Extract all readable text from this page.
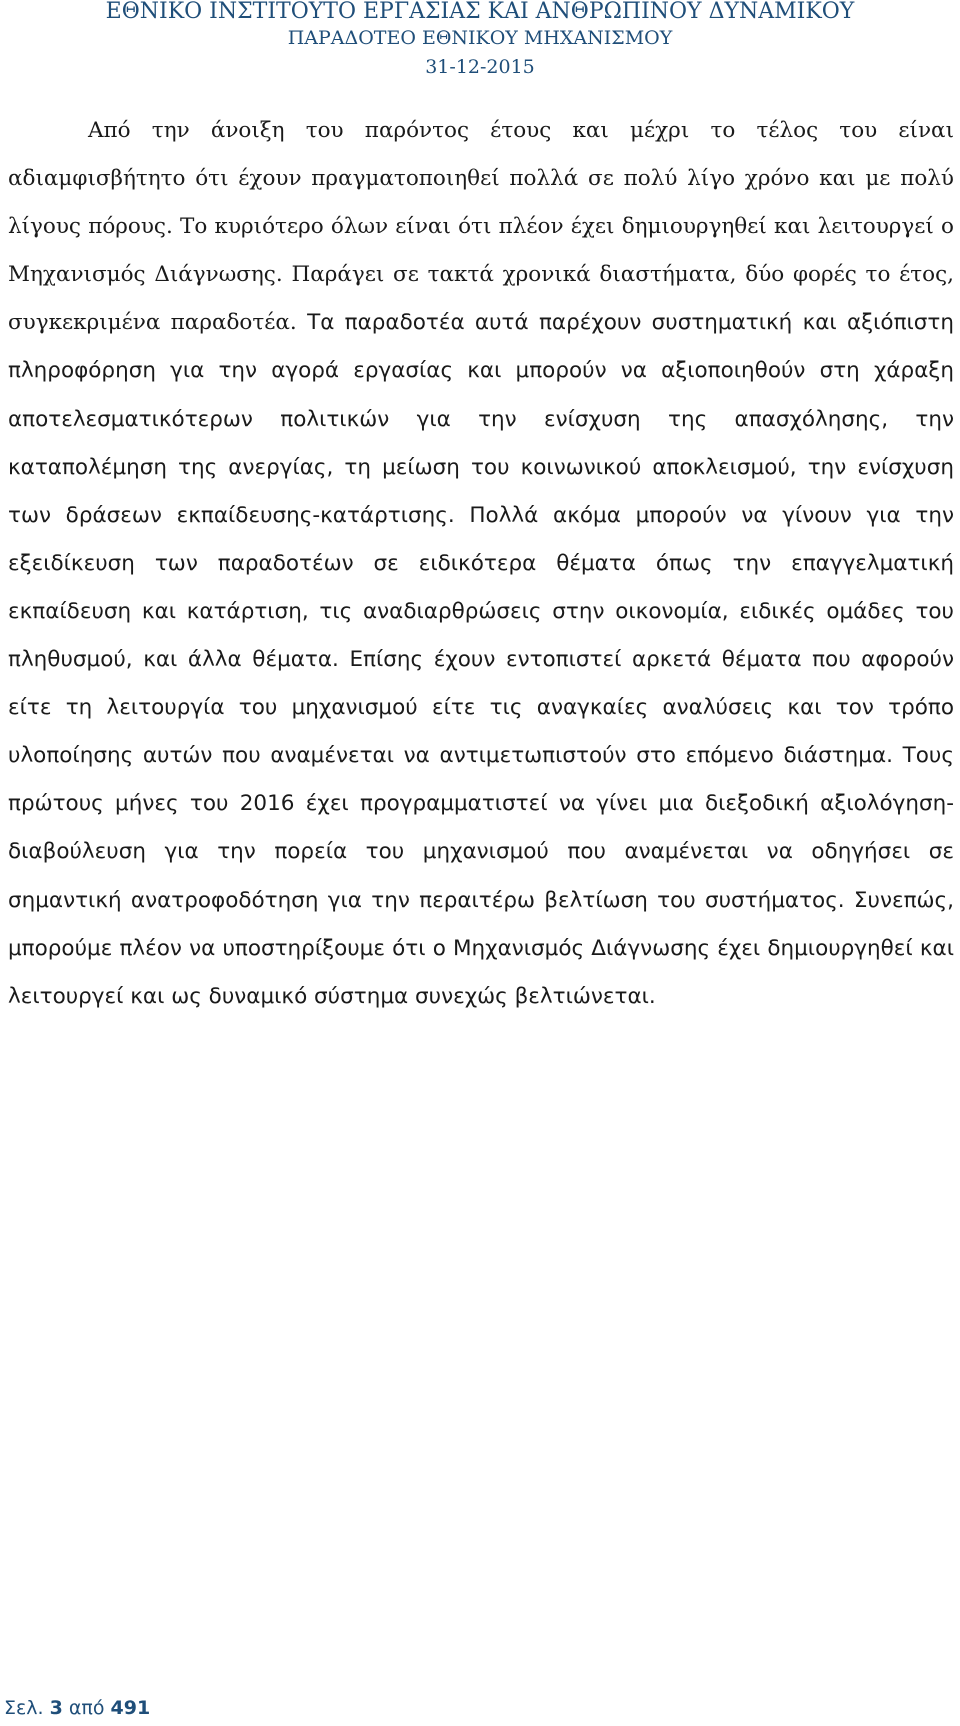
ΕΘΝΙΚΟ ΙΝΣΤΙΤΟΥΤΟ ΕΡΓΑΣΙΑΣ ΚΑΙ ΑΝΘΡΩΠΙΝΟΥ ΔΥΝΑΜΙΚΟΥ
ΠΑΡΑΔΟΤΕΟ ΕΘΝΙΚΟΥ ΜΗΧΑΝΙΣΜΟΥ
31-12-2015

Από την άνοιξη του παρόντος έτους και μέχρι το τέλος του είναι αδιαμφισβήτητο ότι έχουν πραγματοποιηθεί πολλά σε πολύ λίγο χρόνο και με πολύ λίγους πόρους. Το κυριότερο όλων είναι ότι πλέον έχει δημιουργηθεί και λειτουργεί ο Μηχανισμός Διάγνωσης. Παράγει σε τακτά χρονικά διαστήματα, δύο φορές το έτος, συγκεκριμένα παραδοτέα. Τα παραδοτέα αυτά παρέχουν συστηματική και αξιόπιστη πληροφόρηση για την αγορά εργασίας και μπορούν να αξιοποιηθούν στη χάραξη αποτελεσματικότερων πολιτικών για την ενίσχυση της απασχόλησης, την καταπολέμηση της ανεργίας, τη μείωση του κοινωνικού αποκλεισμού, την ενίσχυση των δράσεων εκπαίδευσης-κατάρτισης. Πολλά ακόμα μπορούν να γίνουν για την εξειδίκευση των παραδοτέων σε ειδικότερα θέματα όπως την επαγγελματική εκπαίδευση και κατάρτιση, τις αναδιαρθρώσεις στην οικονομία, ειδικές ομάδες του πληθυσμού, και άλλα θέματα. Επίσης έχουν εντοπιστεί αρκετά θέματα που αφορούν είτε τη λειτουργία του μηχανισμού είτε τις αναγκαίες αναλύσεις και τον τρόπο υλοποίησης αυτών που αναμένεται να αντιμετωπιστούν στο επόμενο διάστημα. Τους πρώτους μήνες του 2016 έχει προγραμματιστεί να γίνει μια διεξοδική αξιολόγηση-διαβούλευση για την πορεία του μηχανισμού που αναμένεται να οδηγήσει σε σημαντική ανατροφοδότηση για την περαιτέρω βελτίωση του συστήματος. Συνεπώς, μπορούμε πλέον να υποστηρίξουμε ότι ο Μηχανισμός Διάγνωσης έχει δημιουργηθεί και λειτουργεί και ως δυναμικό σύστημα συνεχώς βελτιώνεται.

Σελ. 3 από 491
